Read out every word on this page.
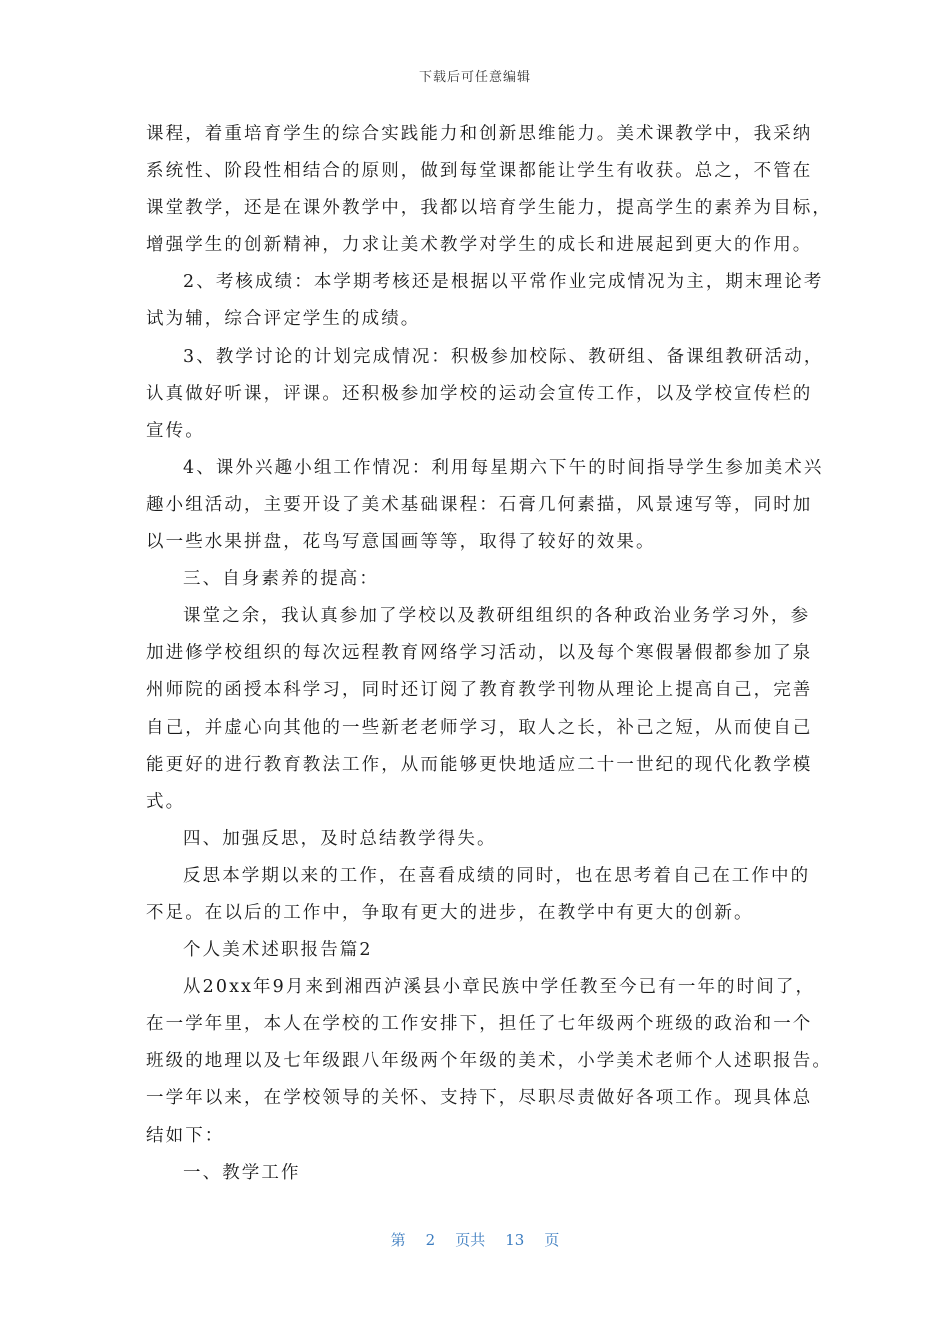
下载后可任意编辑
课程，着重培育学生的综合实践能力和创新思维能力。美术课教学中，我采纳
系统性、阶段性相结合的原则，做到每堂课都能让学生有收获。总之，不管在
课堂教学，还是在课外教学中，我都以培育学生能力，提高学生的素养为目标，
增强学生的创新精神，力求让美术教学对学生的成长和进展起到更大的作用。
2、考核成绩：本学期考核还是根据以平常作业完成情况为主，期末理论考
试为辅，综合评定学生的成绩。
3、教学讨论的计划完成情况：积极参加校际、教研组、备课组教研活动，
认真做好听课，评课。还积极参加学校的运动会宣传工作，以及学校宣传栏的
宣传。
4、课外兴趣小组工作情况：利用每星期六下午的时间指导学生参加美术兴
趣小组活动，主要开设了美术基础课程：石膏几何素描，风景速写等，同时加
以一些水果拼盘，花鸟写意国画等等，取得了较好的效果。
三、自身素养的提高：
课堂之余，我认真参加了学校以及教研组组织的各种政治业务学习外，参
加进修学校组织的每次远程教育网络学习活动，以及每个寒假暑假都参加了泉
州师院的函授本科学习，同时还订阅了教育教学刊物从理论上提高自己，完善
自己，并虚心向其他的一些新老老师学习，取人之长，补己之短，从而使自己
能更好的进行教育教法工作，从而能够更快地适应二十一世纪的现代化教学模
式。
四、加强反思，及时总结教学得失。
反思本学期以来的工作，在喜看成绩的同时，也在思考着自己在工作中的
不足。在以后的工作中，争取有更大的进步，在教学中有更大的创新。
个人美术述职报告篇2
从20xx年9月来到湘西泸溪县小章民族中学任教至今已有一年的时间了，
在一学年里，本人在学校的工作安排下，担任了七年级两个班级的政治和一个
班级的地理以及七年级跟八年级两个年级的美术，小学美术老师个人述职报告。
一学年以来，在学校领导的关怀、支持下，尽职尽责做好各项工作。现具体总
结如下：
一、教学工作
第 2 页共 13 页
